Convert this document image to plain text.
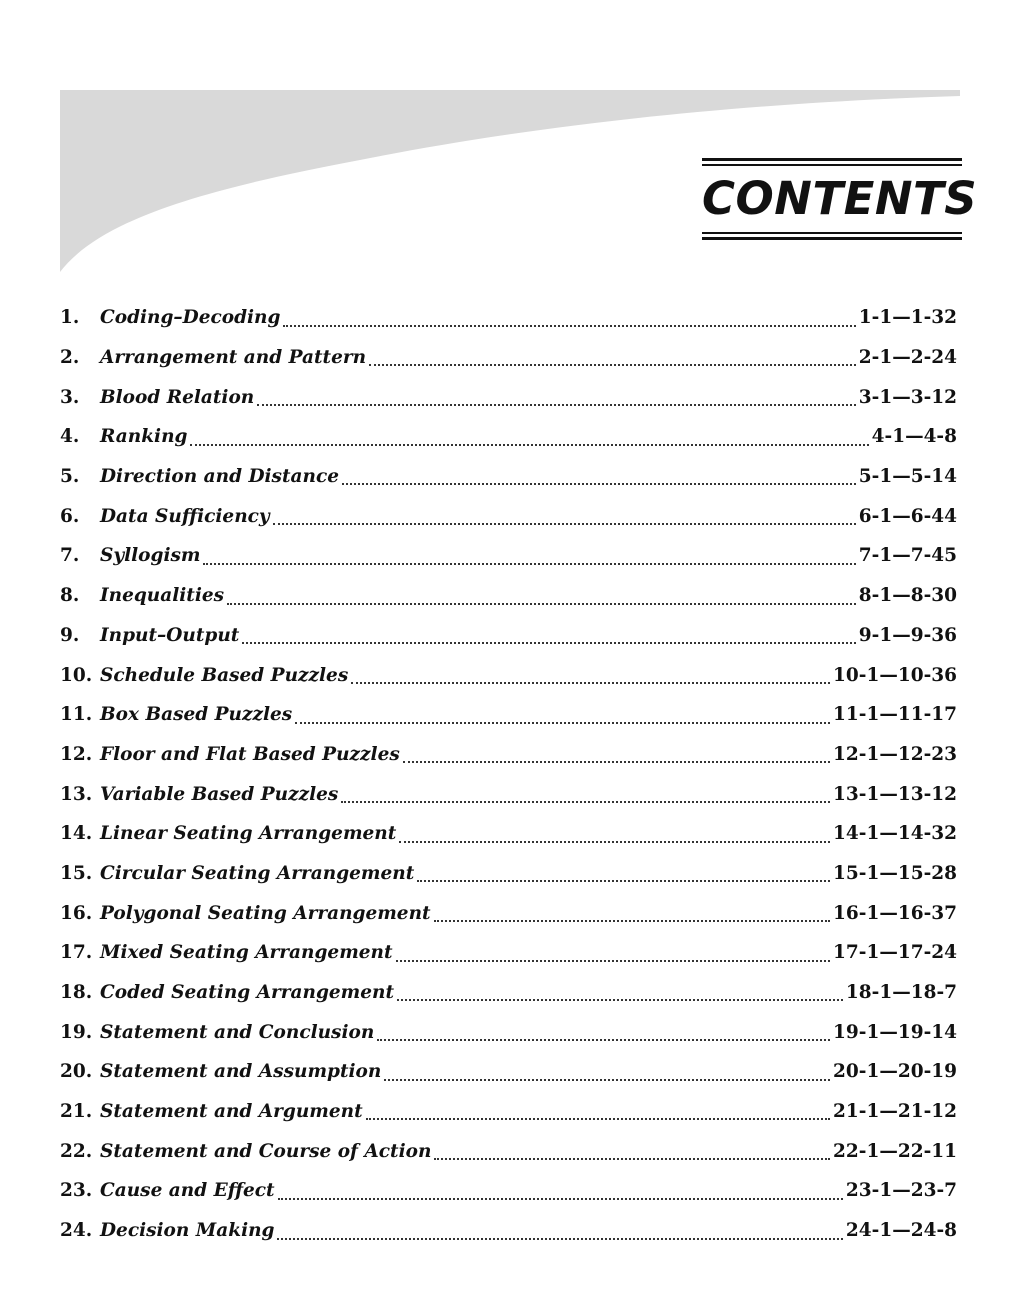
CONTENTS
1.	Coding–Decoding	1-1—1-32
2.	Arrangement and Pattern	2-1—2-24
3.	Blood Relation	3-1—3-12
4.	Ranking	4-1—4-8
5.	Direction and Distance	5-1—5-14
6.	Data Sufficiency	6-1—6-44
7.	Syllogism	7-1—7-45
8.	Inequalities	8-1—8-30
9.	Input–Output	9-1—9-36
10. Schedule Based Puzzles	10-1—10-36
11. Box Based Puzzles	11-1—11-17
12. Floor and Flat Based Puzzles	12-1—12-23
13. Variable Based Puzzles	13-1—13-12
14. Linear Seating Arrangement	14-1—14-32
15. Circular Seating Arrangement	15-1—15-28
16. Polygonal Seating Arrangement	16-1—16-37
17. Mixed Seating Arrangement	17-1—17-24
18. Coded Seating Arrangement	18-1—18-7
19. Statement and Conclusion	19-1—19-14
20. Statement and Assumption	20-1—20-19
21. Statement and Argument	21-1—21-12
22. Statement and Course of Action	22-1—22-11
23. Cause and Effect	23-1—23-7
24. Decision Making	24-1—24-8
